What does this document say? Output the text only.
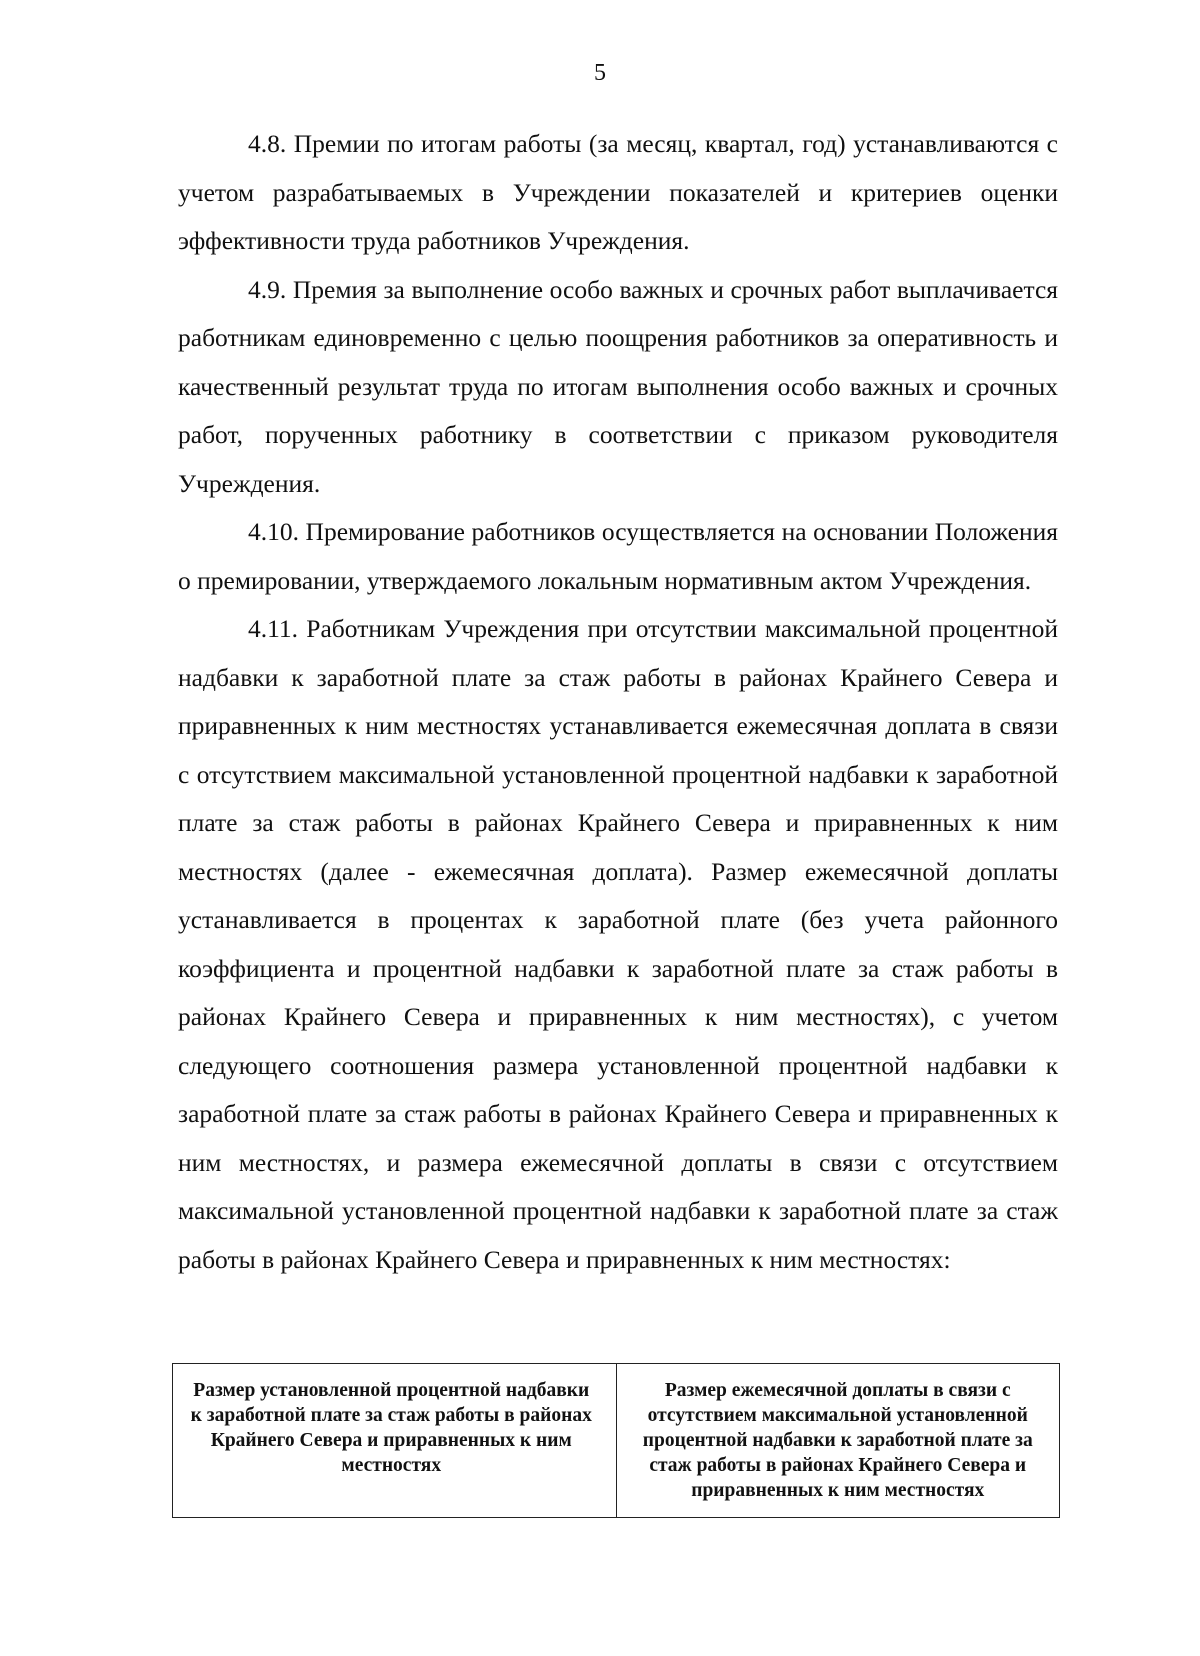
5

4.8. Премии по итогам работы (за месяц, квартал, год) устанавливаются с учетом разрабатываемых в Учреждении показателей и критериев оценки эффективности труда работников Учреждения.

4.9. Премия за выполнение особо важных и срочных работ выплачивается работникам единовременно с целью поощрения работников за оперативность и качественный результат труда по итогам выполнения особо важных и срочных работ, порученных работнику в соответствии с приказом руководителя Учреждения.

4.10. Премирование работников осуществляется на основании Положения о премировании, утверждаемого локальным нормативным актом Учреждения.

4.11. Работникам Учреждения при отсутствии максимальной процентной надбавки к заработной плате за стаж работы в районах Крайнего Севера и приравненных к ним местностях устанавливается ежемесячная доплата в связи с отсутствием максимальной установленной процентной надбавки к заработной плате за стаж работы в районах Крайнего Севера и приравненных к ним местностях (далее - ежемесячная доплата). Размер ежемесячной доплаты устанавливается в процентах к заработной плате (без учета районного коэффициента и процентной надбавки к заработной плате за стаж работы в районах Крайнего Севера и приравненных к ним местностях), с учетом следующего соотношения размера установленной процентной надбавки к заработной плате за стаж работы в районах Крайнего Севера и приравненных к ним местностях, и размера ежемесячной доплаты в связи с отсутствием максимальной установленной процентной надбавки к заработной плате за стаж работы в районах Крайнего Севера и приравненных к ним местностях:

Размер установленной процентной надбавки к заработной плате за стаж работы в районах Крайнего Севера и приравненных к ним местностях	Размер ежемесячной доплаты в связи с отсутствием максимальной установленной процентной надбавки к заработной плате за стаж работы в районах Крайнего Севера и приравненных к ним местностях
